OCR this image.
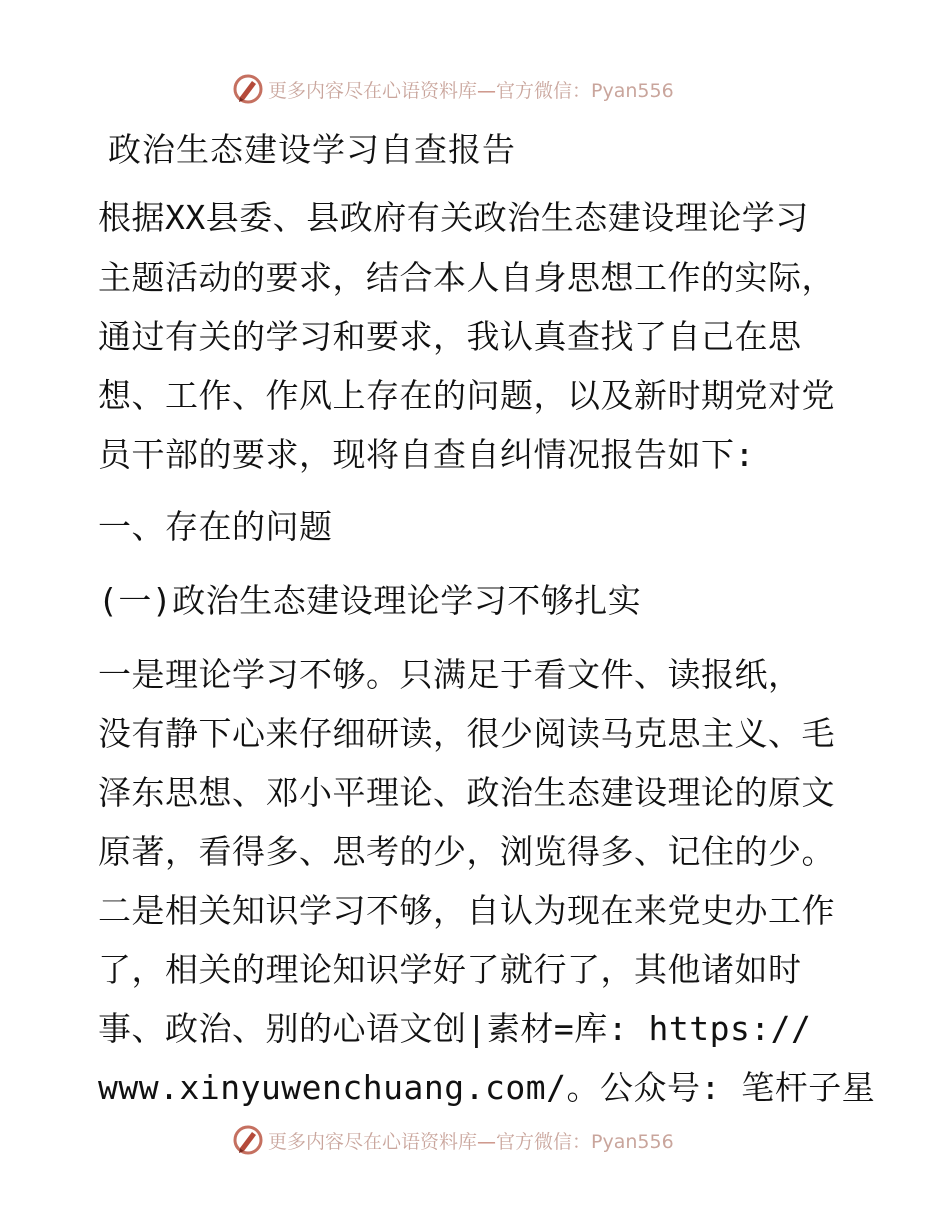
更多内容尽在心语资料库—官方微信：Pyan556
政治生态建设学习自查报告
根据XX县委、县政府有关政治生态建设理论学习
主题活动的要求，结合本人自身思想工作的实际，
通过有关的学习和要求，我认真查找了自己在思
想、工作、作风上存在的问题，以及新时期党对党
员干部的要求，现将自查自纠情况报告如下:
一、存在的问题
(一)政治生态建设理论学习不够扎实
一是理论学习不够。只满足于看文件、读报纸，
没有静下心来仔细研读，很少阅读马克思主义、毛
泽东思想、邓小平理论、政治生态建设理论的原文
原著，看得多、思考的少，浏览得多、记住的少。
二是相关知识学习不够，自认为现在来党史办工作
了，相关的理论知识学好了就行了，其他诸如时
事、政治、别的心语文创|素材=库: https://
www.xinyuwenchuang.com/。公众号: 笔杆子星
更多内容尽在心语资料库—官方微信：Pyan556
